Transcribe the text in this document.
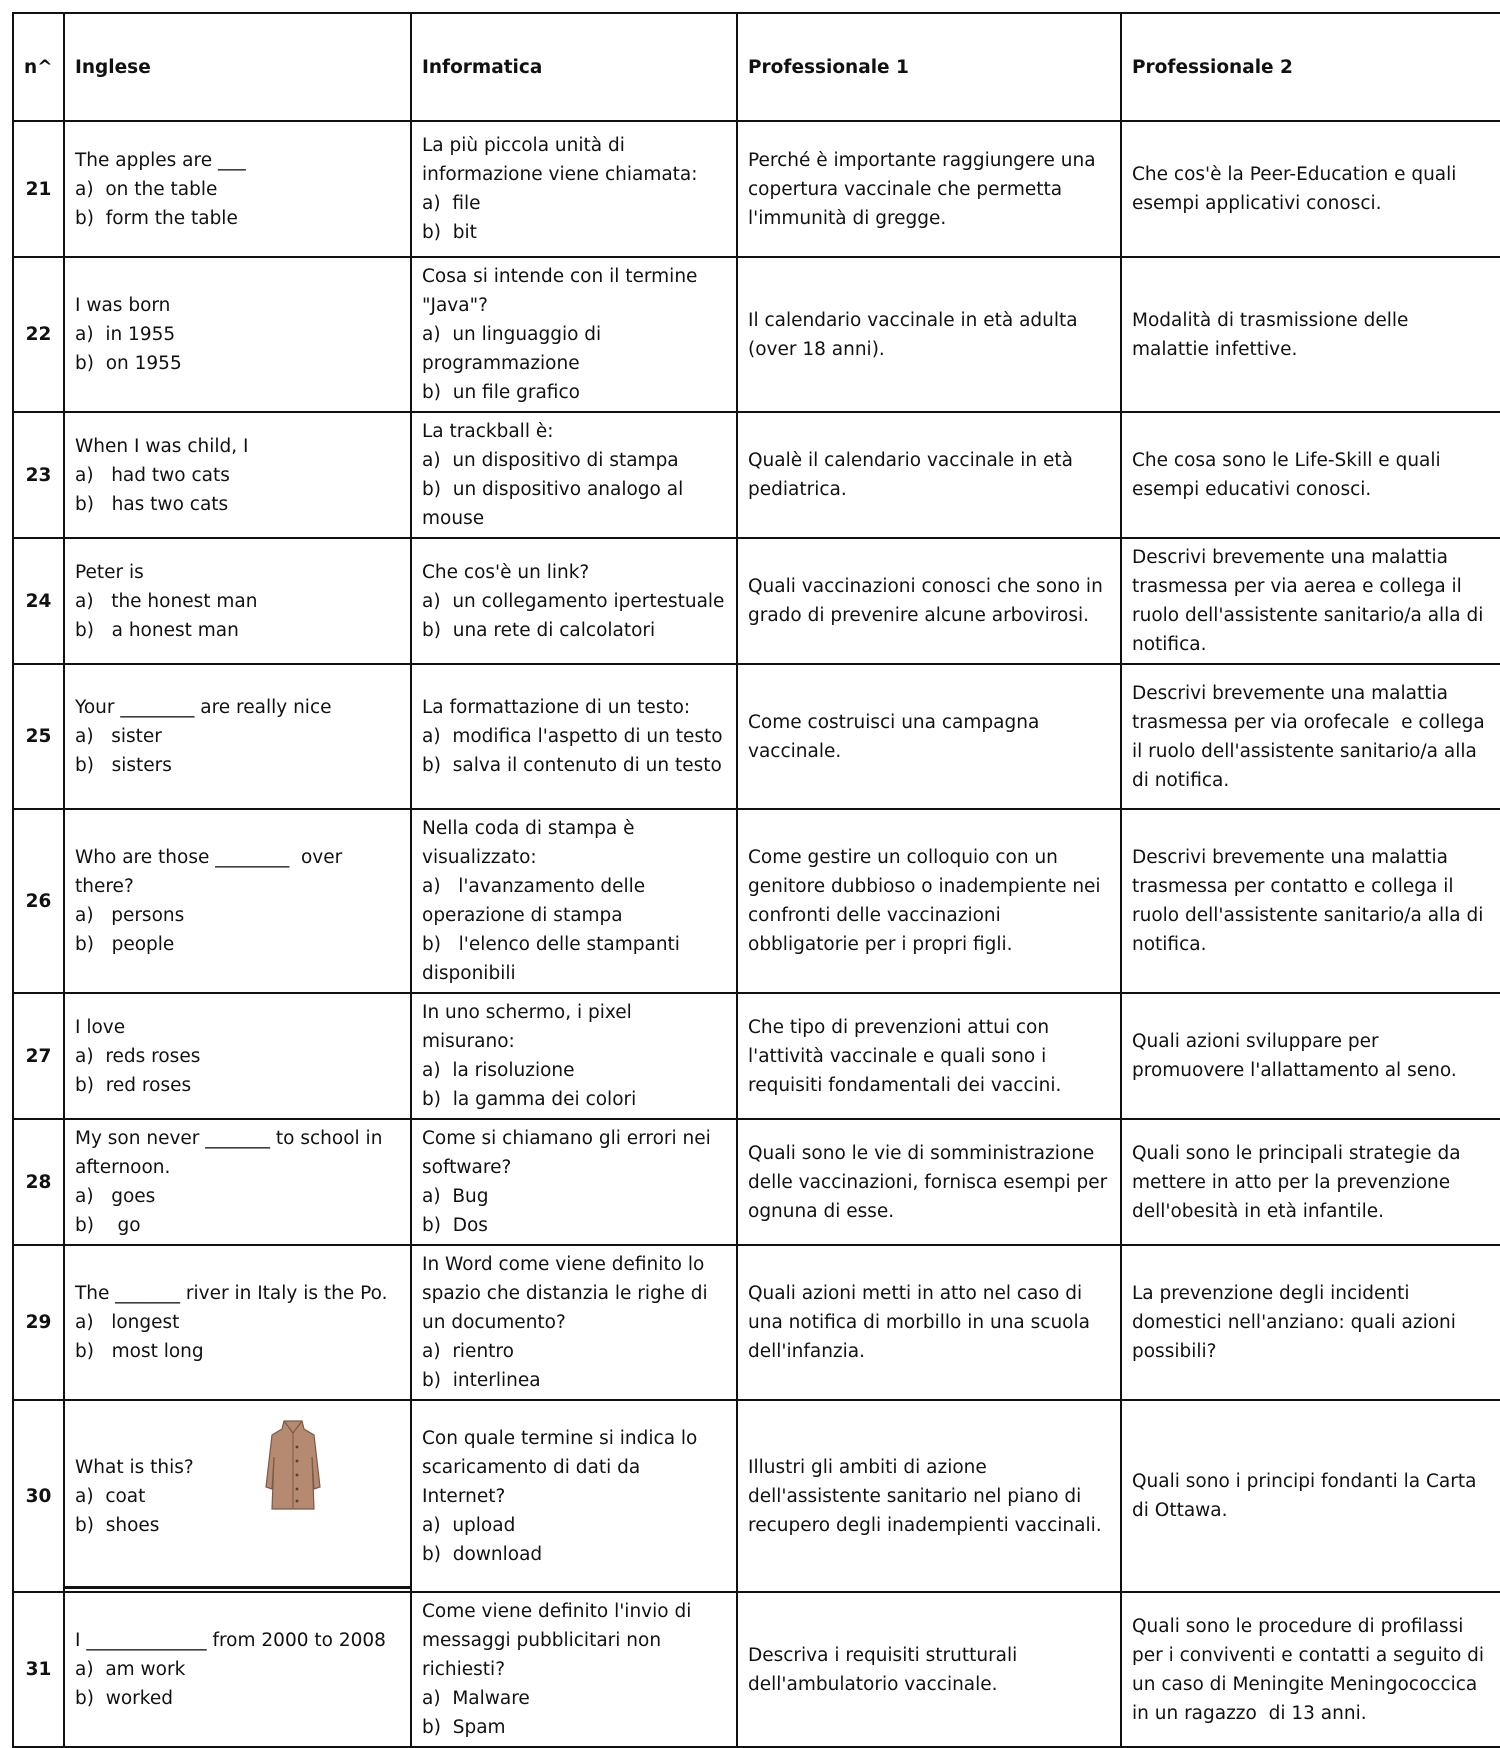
n^	Inglese	Informatica	Professionale 1	Professionale 2
21	The apples are ___
a)  on the table
b)  form the table	La più piccola unità di informazione viene chiamata:
a)  file
b)  bit	Perché è importante raggiungere una copertura vaccinale che permetta l'immunità di gregge.	Che cos'è la Peer-Education e quali esempi applicativi conosci.

22	I was born
a)  in 1955
b)  on 1955	Cosa si intende con il termine "Java"?
a)  un linguaggio di programmazione
b)  un file grafico	Il calendario vaccinale in età adulta (over 18 anni).	Modalità di trasmissione delle malattie infettive.

23	When I was child, I
a)   had two cats
b)   has two cats	La trackball è:
a)  un dispositivo di stampa
b)  un dispositivo analogo al mouse	Qualè il calendario vaccinale in età pediatrica.	Che cosa sono le Life-Skill e quali esempi educativi conosci.

24	Peter is
a)   the honest man
b)   a honest man	Che cos'è un link?
a)  un collegamento ipertestuale
b)  una rete di calcolatori	Quali vaccinazioni conosci che sono in grado di prevenire alcune arbovirosi.	Descrivi brevemente una malattia trasmessa per via aerea e collega il ruolo dell'assistente sanitario/a alla di notifica.

25	Your ________ are really nice
a)   sister
b)   sisters	La formattazione di un testo:
a)  modifica l'aspetto di un testo
b)  salva il contenuto di un testo	Come costruisci una campagna vaccinale.	Descrivi brevemente una malattia trasmessa per via orofecale  e collega il ruolo dell'assistente sanitario/a alla di notifica.

26	Who are those ________  over there?
a)   persons
b)   people	Nella coda di stampa è visualizzato:
a)   l'avanzamento delle operazione di stampa
b)   l'elenco delle stampanti disponibili	Come gestire un colloquio con un genitore dubbioso o inadempiente nei confronti delle vaccinazioni obbligatorie per i propri figli.	Descrivi brevemente una malattia trasmessa per contatto e collega il ruolo dell'assistente sanitario/a alla di notifica.

27	I love
a)  reds roses
b)  red roses	In uno schermo, i pixel misurano:
a)  la risoluzione
b)  la gamma dei colori	Che tipo di prevenzioni attui con l'attività vaccinale e quali sono i requisiti fondamentali dei vaccini.	Quali azioni sviluppare per promuovere l'allattamento al seno.

28	My son never _______ to school in afternoon.
a)   goes
b)    go	Come si chiamano gli errori nei software?
a)  Bug
b)  Dos	Quali sono le vie di somministrazione delle vaccinazioni, fornisca esempi per ognuna di esse.	Quali sono le principali strategie da mettere in atto per la prevenzione dell'obesità in età infantile.

29	The _______ river in Italy is the Po.
a)   longest
b)   most long	In Word come viene definito lo spazio che distanzia le righe di un documento?
a)  rientro
b)  interlinea	Quali azioni metti in atto nel caso di una notifica di morbillo in una scuola dell'infanzia.	La prevenzione degli incidenti domestici nell'anziano: quali azioni possibili?

30	What is this?
a)  coat
b)  shoes	Con quale termine si indica lo scaricamento di dati da Internet?
a)  upload
b)  download	Illustri gli ambiti di azione dell'assistente sanitario nel piano di recupero degli inadempienti vaccinali.	Quali sono i principi fondanti la Carta di Ottawa.

31	I _____________ from 2000 to 2008
a)  am work
b)  worked	Come viene definito l'invio di messaggi pubblicitari non richiesti?
a)  Malware
b)  Spam	Descriva i requisiti strutturali dell'ambulatorio vaccinale.	Quali sono le procedure di profilassi per i conviventi e contatti a seguito di un caso di Meningite Meningococcica in un ragazzo  di 13 anni.
